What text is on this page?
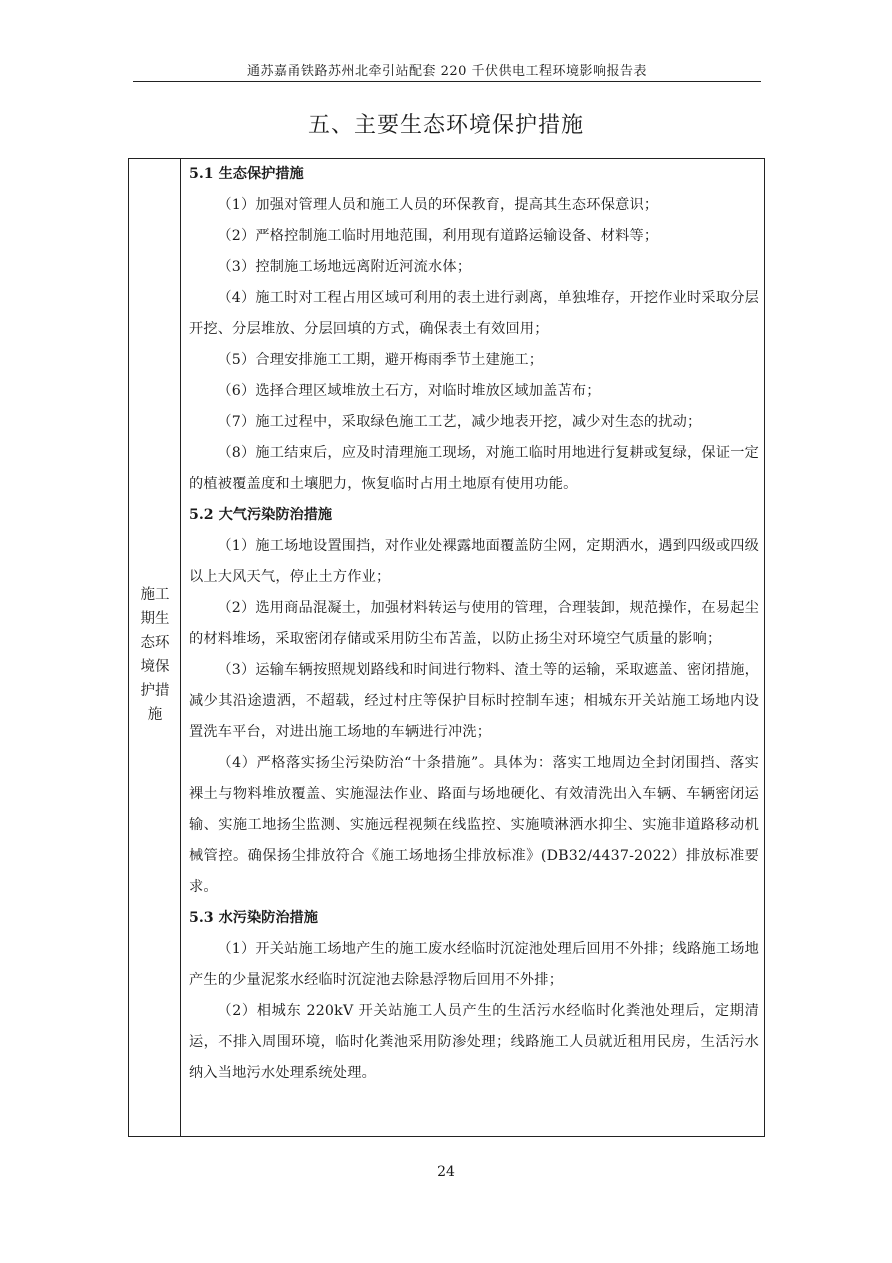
通苏嘉甬铁路苏州北牵引站配套 220 千伏供电工程环境影响报告表
五、主要生态环境保护措施
施工期生态环境保护措施
5.1 生态保护措施
（1）加强对管理人员和施工人员的环保教育，提高其生态环保意识；
（2）严格控制施工临时用地范围，利用现有道路运输设备、材料等；
（3）控制施工场地远离附近河流水体；
（4）施工时对工程占用区域可利用的表土进行剥离，单独堆存，开挖作业时采取分层开挖、分层堆放、分层回填的方式，确保表土有效回用；
（5）合理安排施工工期，避开梅雨季节土建施工；
（6）选择合理区域堆放土石方，对临时堆放区域加盖苫布；
（7）施工过程中，采取绿色施工工艺，减少地表开挖，减少对生态的扰动；
（8）施工结束后，应及时清理施工现场，对施工临时用地进行复耕或复绿，保证一定的植被覆盖度和土壤肥力，恢复临时占用土地原有使用功能。
5.2 大气污染防治措施
（1）施工场地设置围挡，对作业处裸露地面覆盖防尘网，定期洒水，遇到四级或四级以上大风天气，停止土方作业；
（2）选用商品混凝土，加强材料转运与使用的管理，合理装卸，规范操作，在易起尘的材料堆场，采取密闭存储或采用防尘布苫盖，以防止扬尘对环境空气质量的影响；
（3）运输车辆按照规划路线和时间进行物料、渣土等的运输，采取遮盖、密闭措施，减少其沿途遗洒，不超载，经过村庄等保护目标时控制车速；相城东开关站施工场地内设置洗车平台，对进出施工场地的车辆进行冲洗；
（4）严格落实扬尘污染防治“十条措施”。具体为：落实工地周边全封闭围挡、落实裸土与物料堆放覆盖、实施湿法作业、路面与场地硬化、有效清洗出入车辆、车辆密闭运输、实施工地扬尘监测、实施远程视频在线监控、实施喷淋洒水抑尘、实施非道路移动机械管控。确保扬尘排放符合《施工场地扬尘排放标准》(DB32/4437-2022）排放标准要求。
5.3 水污染防治措施
（1）开关站施工场地产生的施工废水经临时沉淀池处理后回用不外排；线路施工场地产生的少量泥浆水经临时沉淀池去除悬浮物后回用不外排；
（2）相城东 220kV 开关站施工人员产生的生活污水经临时化粪池处理后，定期清运，不排入周围环境，临时化粪池采用防渗处理；线路施工人员就近租用民房，生活污水纳入当地污水处理系统处理。
24
